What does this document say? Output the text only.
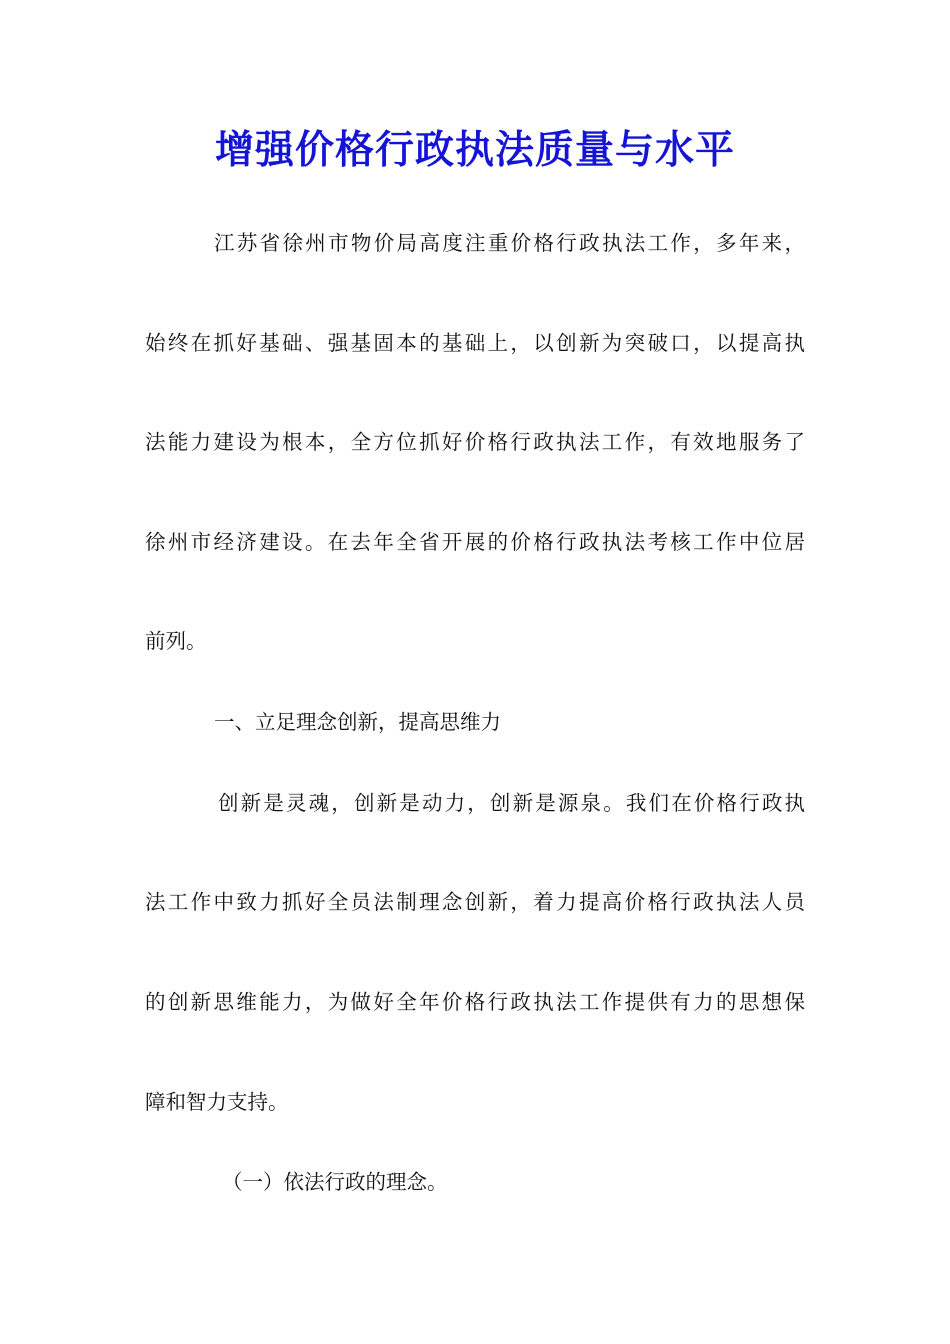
增强价格行政执法质量与水平
江苏省徐州市物价局高度注重价格行政执法工作，多年来，
始终在抓好基础、强基固本的基础上，以创新为突破口，以提高执
法能力建设为根本，全方位抓好价格行政执法工作，有效地服务了
徐州市经济建设。在去年全省开展的价格行政执法考核工作中位居
前列。
一、立足理念创新，提高思维力
创新是灵魂，创新是动力，创新是源泉。我们在价格行政执
法工作中致力抓好全员法制理念创新，着力提高价格行政执法人员
的创新思维能力，为做好全年价格行政执法工作提供有力的思想保
障和智力支持。
（一）依法行政的理念。
